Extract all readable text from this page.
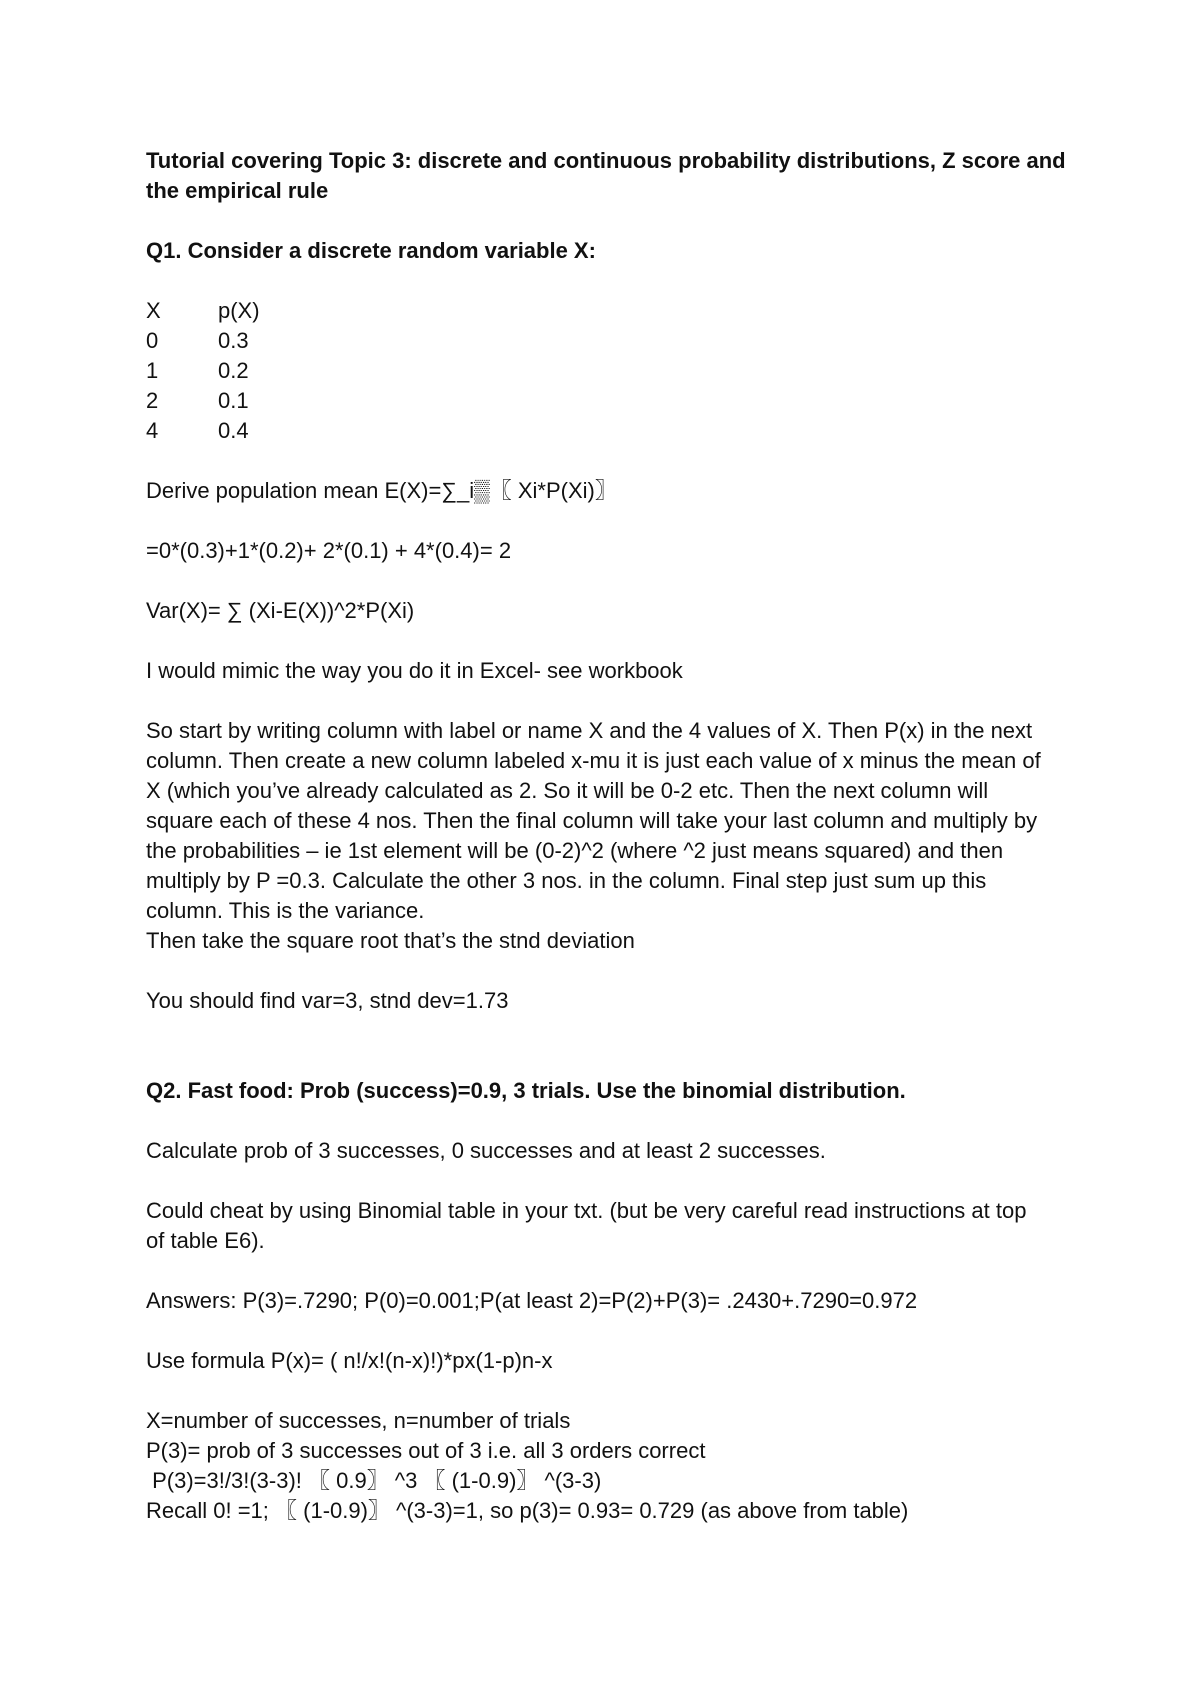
Tutorial covering Topic 3: discrete and continuous probability distributions, Z score and the empirical rule

Q1. Consider a discrete random variable X:

X	p(X)
0	0.3
1	0.2
2	0.1
4	0.4

Derive population mean E(X)=∑_i▒〖 Xi*P(Xi)〗

=0*(0.3)+1*(0.2)+ 2*(0.1) + 4*(0.4)= 2

Var(X)= ∑ (Xi-E(X))^2*P(Xi)

I would mimic the way you do it in Excel- see workbook

So start by writing column with label or name X and the 4 values of X. Then P(x) in the next

column. Then create a new column labeled x-mu it is just each value of x minus the mean of

X (which you’ve already calculated as 2. So it will be 0-2 etc. Then the next column will

square each of these 4 nos. Then the final column will take your last column and multiply by

the probabilities – ie 1st element will be (0-2)^2 (where ^2 just means squared) and then

multiply by P =0.3. Calculate the other 3 nos. in the column. Final step just sum up this

column. This is the variance.

Then take the square root that’s the stnd deviation

You should find var=3, stnd dev=1.73

Q2. Fast food: Prob (success)=0.9, 3 trials. Use the binomial distribution.

Calculate prob of 3 successes, 0 successes and at least 2 successes.

Could cheat by using Binomial table in your txt. (but be very careful read instructions at top

of table E6).

Answers: P(3)=.7290; P(0)=0.001;P(at least 2)=P(2)+P(3)= .2430+.7290=0.972

Use formula P(x)= ( n!/x!(n-x)!)*px(1-p)n-x

X=number of successes, n=number of trials

P(3)= prob of 3 successes out of 3 i.e. all 3 orders correct

P(3)=3!/3!(3-3)! 〖 0.9〗 ^3 〖 (1-0.9)〗 ^(3-3)

Recall 0! =1; 〖 (1-0.9)〗 ^(3-3)=1, so p(3)= 0.93= 0.729 (as above from table)
